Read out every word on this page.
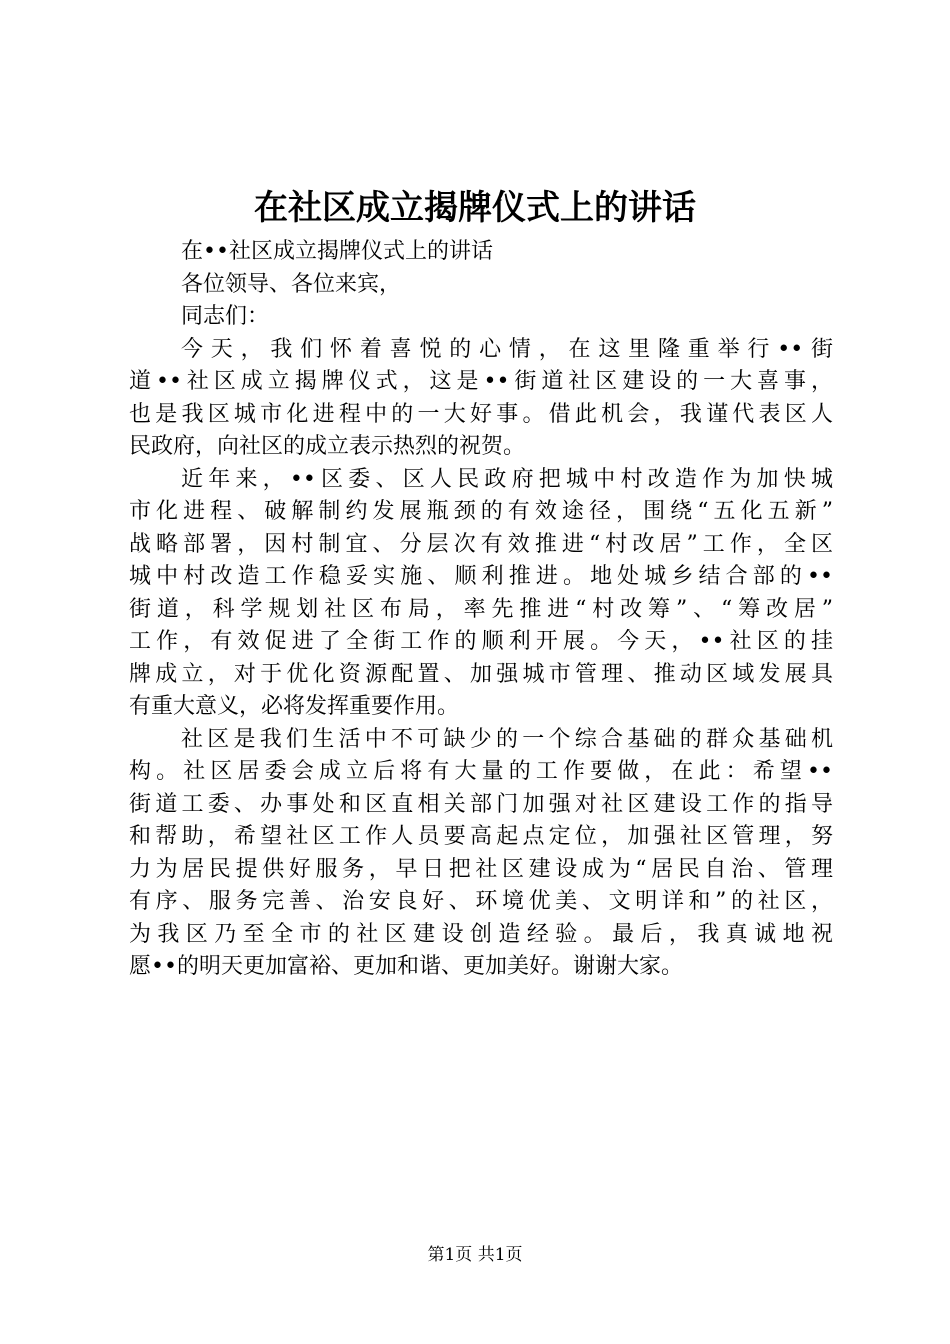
在社区成立揭牌仪式上的讲话
在••社区成立揭牌仪式上的讲话
各位领导、各位来宾，
同志们：
今天，我们怀着喜悦的心情，在这里隆重举行••街
道••社区成立揭牌仪式，这是••街道社区建设的一大喜事，
也是我区城市化进程中的一大好事。借此机会，我谨代表区人
民政府，向社区的成立表示热烈的祝贺。
近年来，••区委、区人民政府把城中村改造作为加快城
市化进程、破解制约发展瓶颈的有效途径，围绕“五化五新”
战略部署，因村制宜、分层次有效推进“村改居”工作，全区
城中村改造工作稳妥实施、顺利推进。地处城乡结合部的••
街道，科学规划社区布局，率先推进“村改筹”、“筹改居”
工作，有效促进了全街工作的顺利开展。今天，••社区的挂
牌成立，对于优化资源配置、加强城市管理、推动区域发展具
有重大意义，必将发挥重要作用。
社区是我们生活中不可缺少的一个综合基础的群众基础机
构。社区居委会成立后将有大量的工作要做，在此：希望••
街道工委、办事处和区直相关部门加强对社区建设工作的指导
和帮助，希望社区工作人员要高起点定位，加强社区管理，努
力为居民提供好服务，早日把社区建设成为“居民自治、管理
有序、服务完善、治安良好、环境优美、文明详和”的社区，
为我区乃至全市的社区建设创造经验。最后，我真诚地祝
愿••的明天更加富裕、更加和谐、更加美好。谢谢大家。
第1页 共1页
